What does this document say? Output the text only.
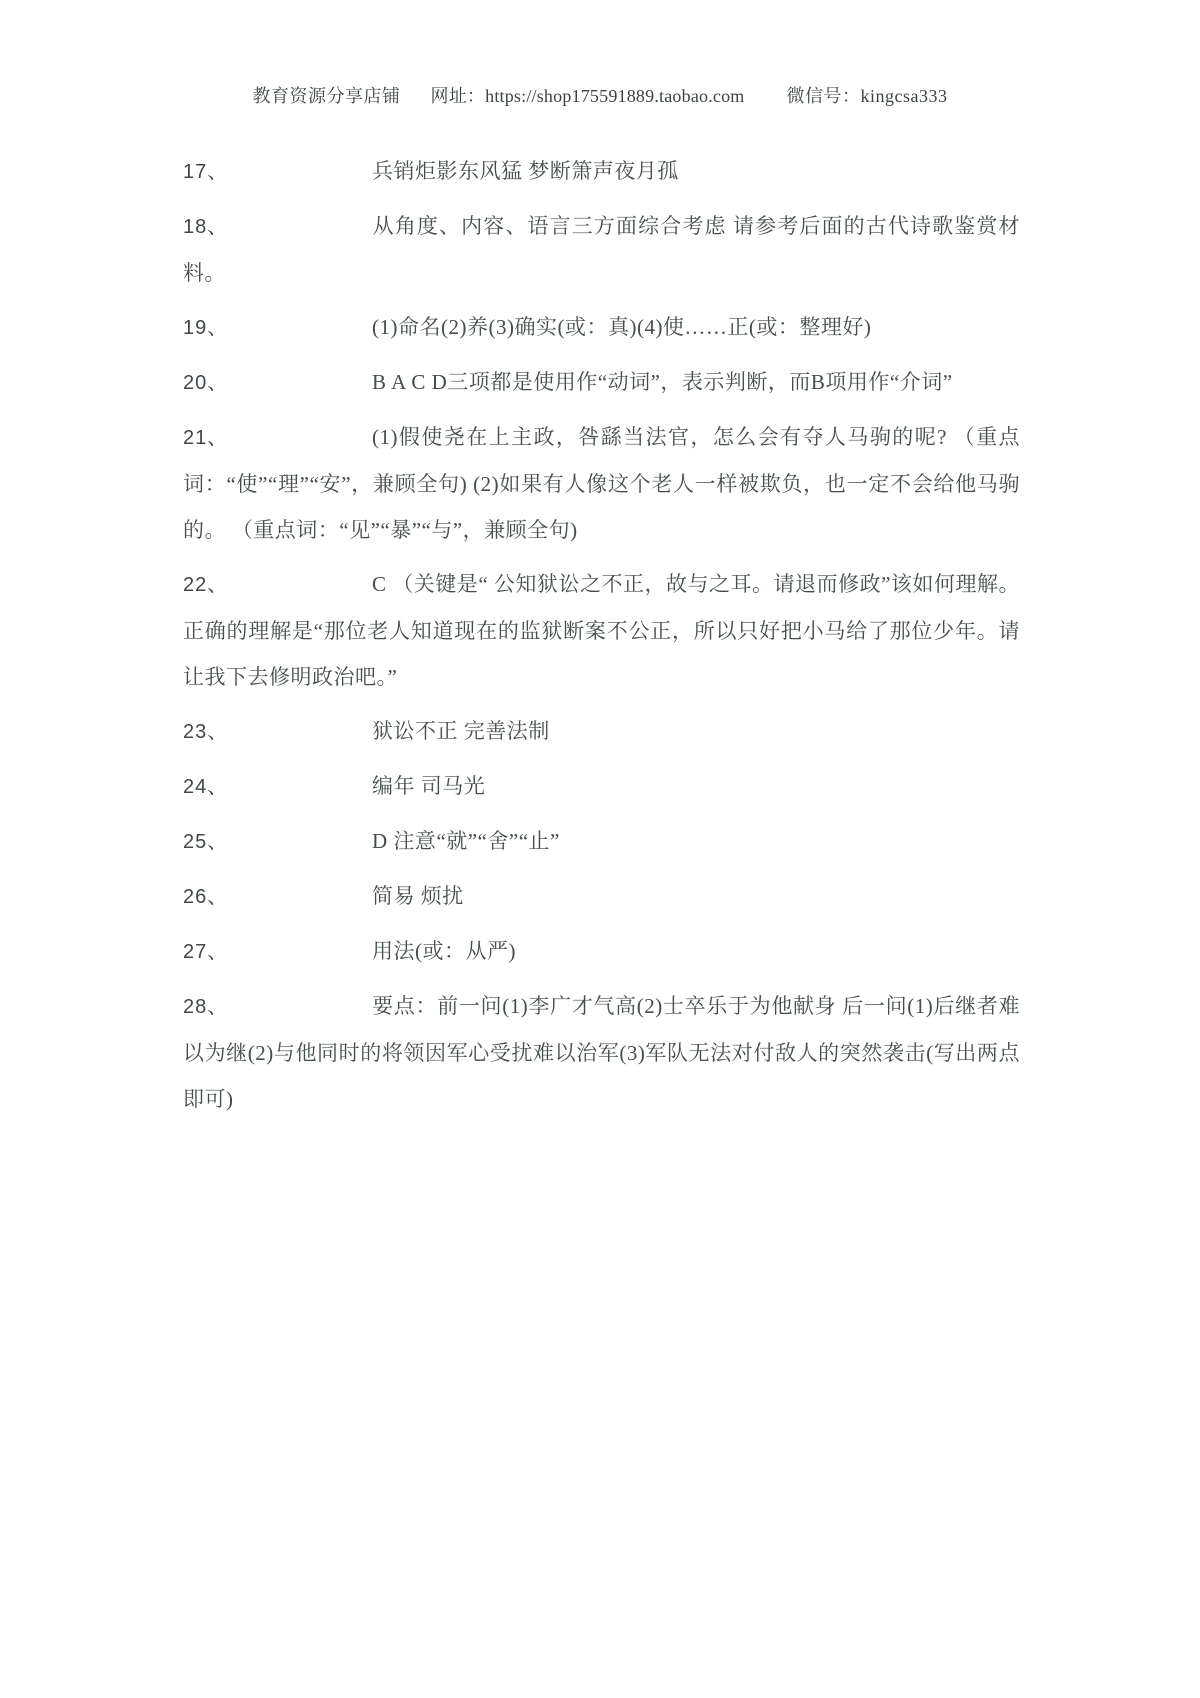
教育资源分享店铺 网址：https://shop175591889.taobao.com 微信号：kingcsa333

17、	兵销炬影东风猛 梦断箫声夜月孤

18、	从角度、内容、语言三方面综合考虑 请参考后面的古代诗歌鉴赏材料。

19、	(1)命名(2)养(3)确实(或：真)(4)使……正(或：整理好)

20、	B A C D三项都是使用作“动词”，表示判断，而B项用作“介词”

21、	(1)假使尧在上主政，咎繇当法官，怎么会有夺人马驹的呢? （重点词：“使”“理”“安”，兼顾全句) (2)如果有人像这个老人一样被欺负，也一定不会给他马驹的。 （重点词：“见”“暴”“与”，兼顾全句)

22、	C （关键是“ 公知狱讼之不正，故与之耳。请退而修政”该如何理解。正确的理解是“那位老人知道现在的监狱断案不公正，所以只好把小马给了那位少年。请让我下去修明政治吧。”

23、	狱讼不正 完善法制

24、	编年 司马光

25、	D 注意“就”“舍”“止”

26、	简易 烦扰

27、	用法(或：从严)

28、	要点：前一问(1)李广才气高(2)士卒乐于为他献身 后一问(1)后继者难以为继(2)与他同时的将领因军心受扰难以治军(3)军队无法对付敌人的突然袭击(写出两点即可)
